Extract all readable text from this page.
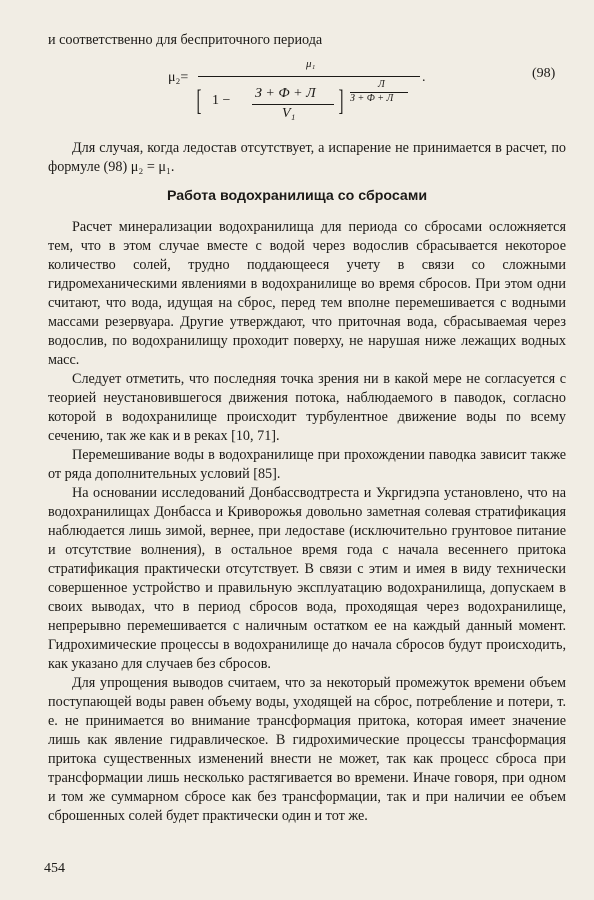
и соответственно для бесприточного периода
μ₂=
μ₁
[ 1 − З + Ф + Л
V₁ ]	Л
З + Ф + Л
.	(98)

Для случая, когда ледостав отсутствует, а испарение не принимается в расчет, по формуле (98) μ₂ = μ₁.

Работа водохранилища со сбросами

Расчет минерализации водохранилища для периода со сбросами осложняется тем, что в этом случае вместе с водой через водослив сбрасывается некоторое количество солей, трудно поддающееся учету в связи со сложными гидромеханическими явлениями в водохранилище во время сбросов. При этом одни считают, что вода, идущая на сброс, перед тем вполне перемешивается с водными массами резервуара. Другие утверждают, что приточная вода, сбрасываемая через водослив, по водохранилищу проходит поверху, не нарушая ниже лежащих водных масс.

Следует отметить, что последняя точка зрения ни в какой мере не согласуется с теорией неустановившегося движения потока, наблюдаемого в паводок, согласно которой в водохранилище происходит турбулентное движение воды по всему сечению, так же как и в реках [10, 71].

Перемешивание воды в водохранилище при прохождении паводка зависит также от ряда дополнительных условий [85].

На основании исследований Донбассводтреста и Укргидэпа установлено, что на водохранилищах Донбасса и Криворожья довольно заметная солевая стратификация наблюдается лишь зимой, вернее, при ледоставе (исключительно грунтовое питание и отсутствие волнения), в остальное время года с начала весеннего притока стратификация практически отсутствует. В связи с этим и имея в виду технически совершенное устройство и правильную эксплуатацию водохранилища, допускаем в своих выводах, что в период сбросов вода, проходящая через водохранилище, непрерывно перемешивается с наличным остатком ее на каждый данный момент. Гидрохимические процессы в водохранилище до начала сбросов будут происходить, как указано для случаев без сбросов.

Для упрощения выводов считаем, что за некоторый промежуток времени объем поступающей воды равен объему воды, уходящей на сброс, потребление и потери, т. е. не принимается во внимание трансформация притока, которая имеет значение лишь как явление гидравлическое. В гидрохимические процессы трансформация притока существенных изменений внести не может, так как процесс сброса при трансформации лишь несколько растягивается во времени. Иначе говоря, при одном и том же суммарном сбросе как без трансформации, так и при наличии ее объем сброшенных солей будет практически один и тот же.

454
